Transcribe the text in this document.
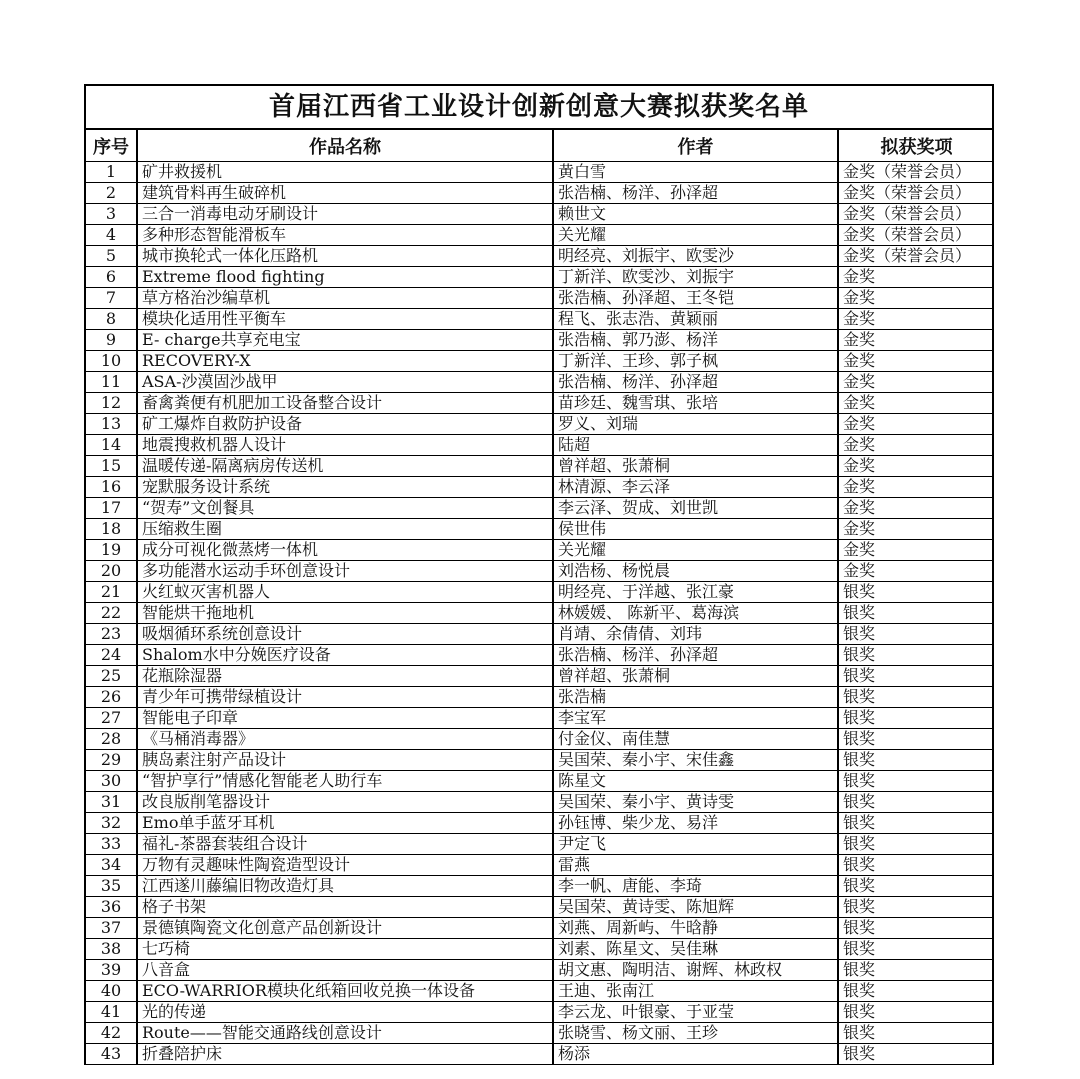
首届江西省工业设计创新创意大赛拟获奖名单
序号	作品名称	作者	拟获奖项
1	矿井救援机	黄白雪	金奖（荣誉会员）
2	建筑骨料再生破碎机	张浩楠、杨洋、孙泽超	金奖（荣誉会员）
3	三合一消毒电动牙刷设计	赖世文	金奖（荣誉会员）
4	多种形态智能滑板车	关光耀	金奖（荣誉会员）
5	城市换轮式一体化压路机	明经亮、刘振宇、欧雯沙	金奖（荣誉会员）
6	Extreme flood fighting	丁新洋、欧雯沙、刘振宇	金奖
7	草方格治沙编草机	张浩楠、孙泽超、王冬铠	金奖
8	模块化适用性平衡车	程飞、张志浩、黄颖丽	金奖
9	E- charge共享充电宝	张浩楠、郭乃澎、杨洋	金奖
10	RECOVERY-X	丁新洋、王珍、郭子枫	金奖
11	ASA-沙漠固沙战甲	张浩楠、杨洋、孙泽超	金奖
12	畜禽粪便有机肥加工设备整合设计	苗珍廷、魏雪琪、张培	金奖
13	矿工爆炸自救防护设备	罗义、刘瑞	金奖
14	地震搜救机器人设计	陆超	金奖
15	温暖传递-隔离病房传送机	曾祥超、张萧桐	金奖
16	宠默服务设计系统	林清源、李云泽	金奖
17	“贺寿”文创餐具	李云泽、贺成、刘世凯	金奖
18	压缩救生圈	侯世伟	金奖
19	成分可视化微蒸烤一体机	关光耀	金奖
20	多功能潜水运动手环创意设计	刘浩杨、杨悦晨	金奖
21	火红蚁灭害机器人	明经亮、于洋越、张江豪	银奖
22	智能烘干拖地机	林媛媛、 陈新平、葛海滨	银奖
23	吸烟循环系统创意设计	肖靖、余倩倩、刘玮	银奖
24	Shalom水中分娩医疗设备	张浩楠、杨洋、孙泽超	银奖
25	花瓶除湿器	曾祥超、张萧桐	银奖
26	青少年可携带绿植设计	张浩楠	银奖
27	智能电子印章	李宝军	银奖
28	《马桶消毒器》	付金仪、南佳慧	银奖
29	胰岛素注射产品设计	吴国荣、秦小宇、宋佳鑫	银奖
30	“智护享行”情感化智能老人助行车	陈星文	银奖
31	改良版削笔器设计	吴国荣、秦小宇、黄诗雯	银奖
32	Emo单手蓝牙耳机	孙钰博、柴少龙、易洋	银奖
33	福礼-茶器套装组合设计	尹定飞	银奖
34	万物有灵趣味性陶瓷造型设计	雷燕	银奖
35	江西遂川藤编旧物改造灯具	李一帆、唐能、李琦	银奖
36	格子书架	吴国荣、黄诗雯、陈旭辉	银奖
37	景德镇陶瓷文化创意产品创新设计	刘燕、周新屿、牛晗静	银奖
38	七巧椅	刘素、陈星文、吴佳琳	银奖
39	八音盒	胡文惠、陶明洁、谢辉、林政权	银奖
40	ECO-WARRIOR模块化纸箱回收兑换一体设备	王迪、张南江	银奖
41	光的传递	李云龙、叶银豪、于亚莹	银奖
42	Route——智能交通路线创意设计	张晓雪、杨文丽、王珍	银奖
43	折叠陪护床	杨添	银奖
